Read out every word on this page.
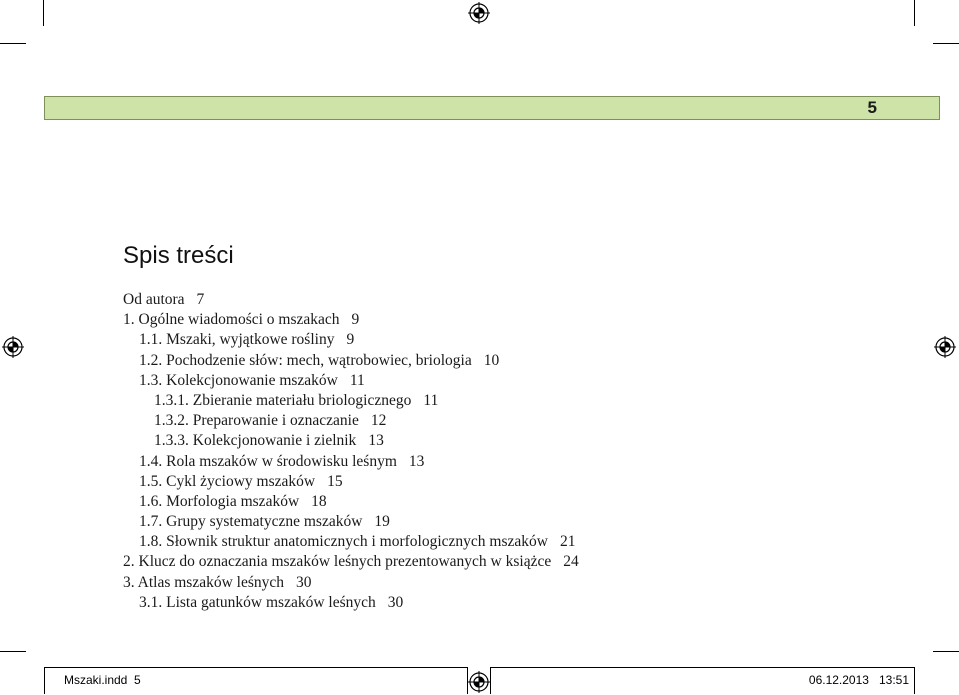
5
Spis treści
Od autora 7
1. Ogólne wiadomości o mszakach 9
1.1. Mszaki, wyjątkowe rośliny 9
1.2. Pochodzenie słów: mech, wątrobowiec, briologia 10
1.3. Kolekcjonowanie mszaków 11
1.3.1. Zbieranie materiału briologicznego 11
1.3.2. Preparowanie i oznaczanie 12
1.3.3. Kolekcjonowanie i zielnik 13
1.4. Rola mszaków w środowisku leśnym 13
1.5. Cykl życiowy mszaków 15
1.6. Morfologia mszaków 18
1.7. Grupy systematyczne mszaków 19
1.8. Słownik struktur anatomicznych i morfologicznych mszaków 21
2. Klucz do oznaczania mszaków leśnych prezentowanych w książce 24
3. Atlas mszaków leśnych 30
3.1. Lista gatunków mszaków leśnych 30
Mszaki.indd 5	06.12.2013 13:51
